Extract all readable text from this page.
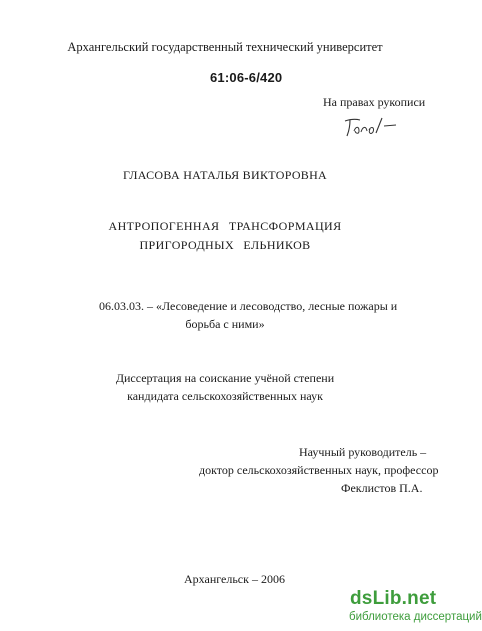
Архангельский государственный технический университет
61:06-6/420
На правах рукописи
ГЛАСОВА НАТАЛЬЯ ВИКТОРОВНА
АНТРОПОГЕННАЯ ТРАНСФОРМАЦИЯ
ПРИГОРОДНЫХ ЕЛЬНИКОВ
06.03.03. – «Лесоведение и лесоводство, лесные пожары и
борьба с ними»
Диссертация на соискание учёной степени
кандидата сельскохозяйственных наук
Научный руководитель –
доктор сельскохозяйственных наук, профессор
Феклистов П.А.
Архангельск – 2006
dsLib.net
библиотека диссертаций
